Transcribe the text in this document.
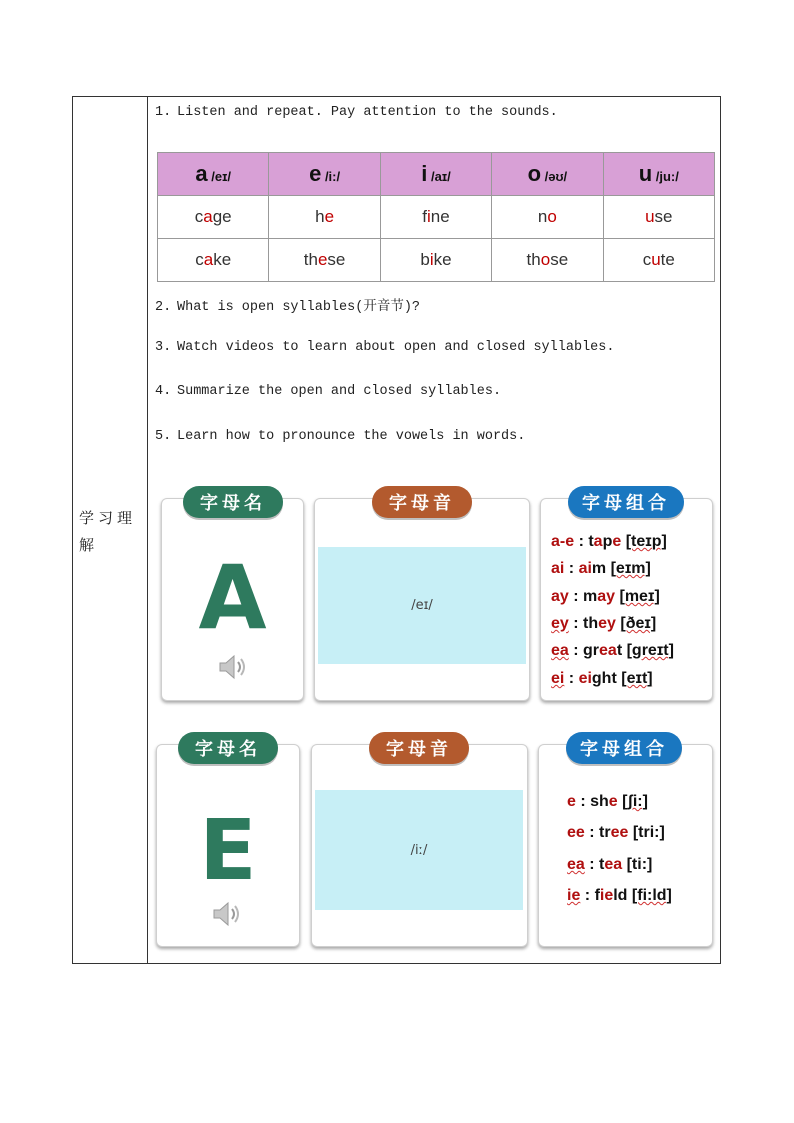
学习理解
1. Listen and repeat. Pay attention to the sounds.
a /eɪ/	e /i:/	i /aɪ/	o /əʊ/	u /ju:/
cage	he	fine	no	use
cake	these	bike	those	cute
2. What is open syllables(开音节)?
3. Watch videos to learn about open and closed syllables.
4. Summarize the open and closed syllables.
5. Learn how to pronounce the vowels in words.
字母名
A
字母音
/eɪ/
字母组合
a-e : tape [teɪp]
ai : aim [eɪm]
ay : may [meɪ]
ey : they [ðeɪ]
ea : great [greɪt]
ei : eight [eɪt]
字母名
E
字母音
/iː/
字母组合
e : she [ʃi:]
ee : tree [tri:]
ea : tea [ti:]
ie : field [fi:ld]
